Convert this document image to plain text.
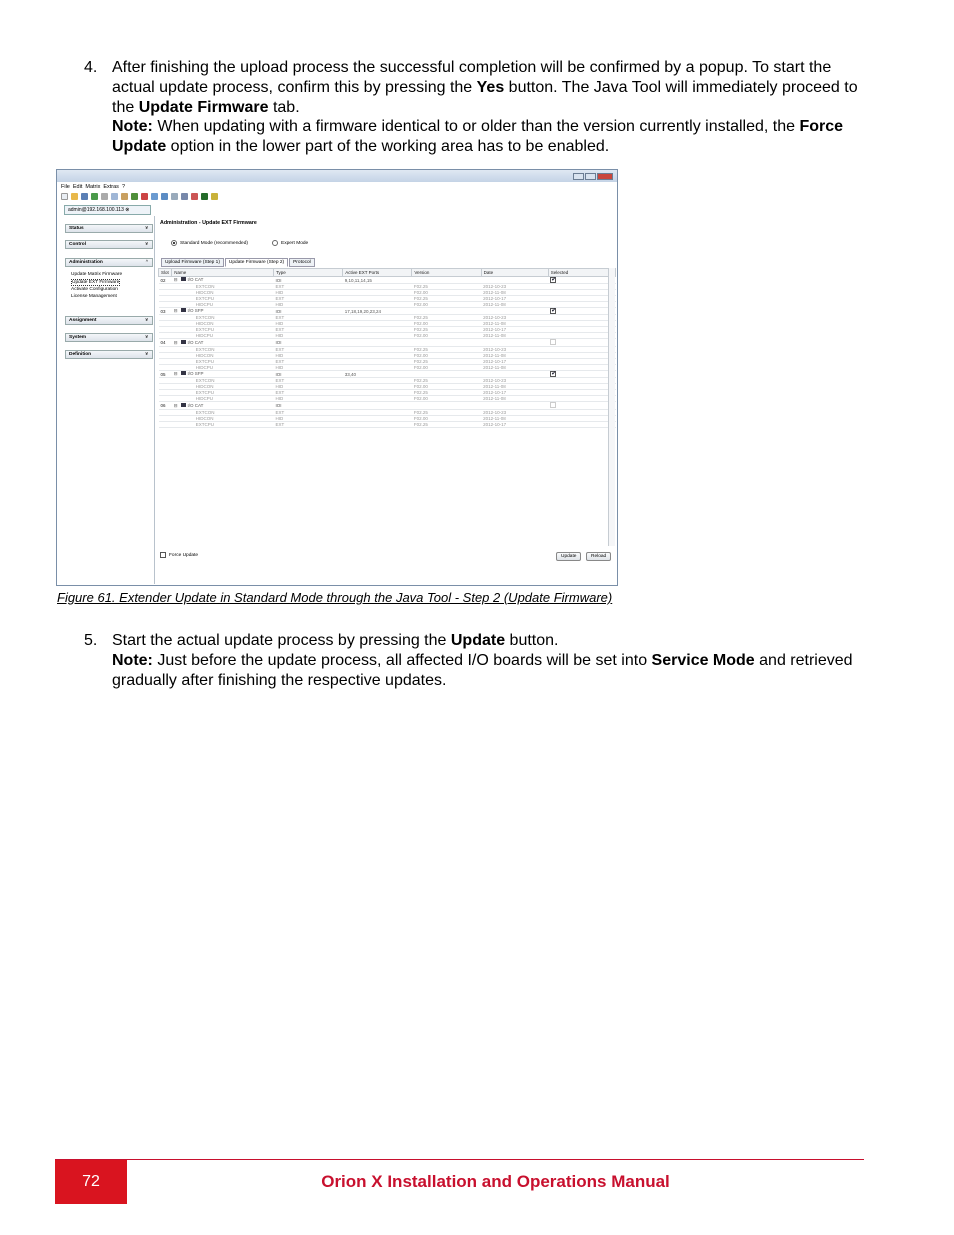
4. After finishing the upload process the successful completion will be confirmed by a popup. To start the actual update process, confirm this by pressing the Yes button. The Java Tool will immediately proceed to the Update Firmware tab.
Note: When updating with a firmware identical to or older than the version currently installed, the Force Update option in the lower part of the working area has to be enabled.
File Edit Matrix Extras ?
admin@192.168.100.113 ⊗
Status	¥
Control	¥
Administration	^
Update Matrix Firmware
Update EXT Firmware
Activate Configuration
License Management
Assignment	¥
System	¥
Definition	¥
Administration - Update EXT Firmware
Standard Mode (recommended)	Expert Mode
Upload Firmware (Step 1)	Update Firmware (Step 2)	Protocol
Slot	Name	Type	Active EXT Ports	Version	Date	Selected
02	⊟ I/O CAT	IOI	9,10,11,14,15			✔
	EXTCON	EXT		F02.25	2012-10-23	
	HIDCON	HID		F02.00	2012-11-08	
	EXTCPU	EXT		F02.25	2012-10-17	
	HIDCPU	HID		F02.00	2012-11-08	
03	⊟ I/O SFP	IOI	17,18,19,20,23,24			✔
	EXTCON	EXT		F02.25	2012-10-23	
	HIDCON	HID		F02.00	2012-11-08	
	EXTCPU	EXT		F02.25	2012-10-17	
	HIDCPU	HID		F02.00	2012-11-08	
04	⊟ I/O CAT	IOI				
	EXTCON	EXT		F02.25	2012-10-23	
	HIDCON	HID		F02.00	2012-11-08	
	EXTCPU	EXT		F02.25	2012-10-17	
	HIDCPU	HID		F02.00	2012-11-08	
05	⊟ I/O SFP	IOI	33,40			✔
	EXTCON	EXT		F02.25	2012-10-23	
	HIDCON	HID		F02.00	2012-11-08	
	EXTCPU	EXT		F02.25	2012-10-17	
	HIDCPU	HID		F02.00	2012-11-08	
06	⊟ I/O CAT	IOI				
	EXTCON	EXT		F02.25	2012-10-23	
	HIDCON	HID		F02.00	2012-11-08	
	EXTCPU	EXT		F02.25	2012-10-17	
Force Update	Update	Reload
Figure 61. Extender Update in Standard Mode through the Java Tool - Step 2 (Update Firmware)
5. Start the actual update process by pressing the Update button.
Note: Just before the update process, all affected I/O boards will be set into Service Mode and retrieved gradually after finishing the respective updates.
72	Orion X Installation and Operations Manual
